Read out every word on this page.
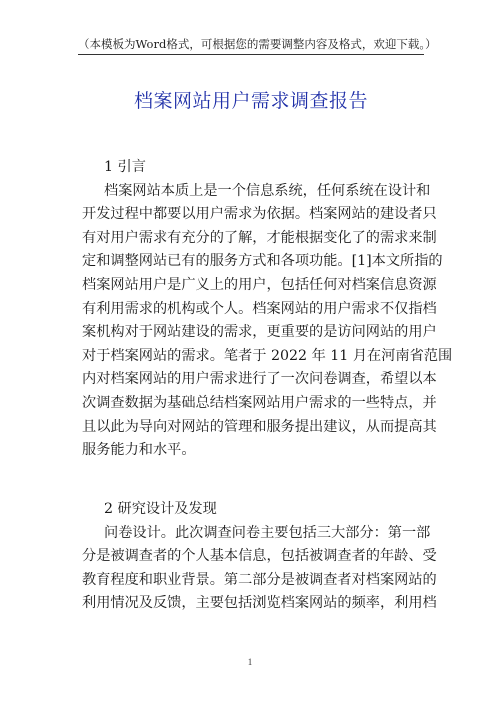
（本模板为Word格式，可根据您的需要调整内容及格式，欢迎下载。）
档案网站用户需求调查报告
1 引言
档案网站本质上是一个信息系统，任何系统在设计和
开发过程中都要以用户需求为依据。档案网站的建设者只
有对用户需求有充分的了解，才能根据变化了的需求来制
定和调整网站已有的服务方式和各项功能。[1]本文所指的
档案网站用户是广义上的用户，包括任何对档案信息资源
有利用需求的机构或个人。档案网站的用户需求不仅指档
案机构对于网站建设的需求，更重要的是访问网站的用户
对于档案网站的需求。笔者于 2022 年 11 月在河南省范围
内对档案网站的用户需求进行了一次问卷调查，希望以本
次调查数据为基础总结档案网站用户需求的一些特点，并
且以此为导向对网站的管理和服务提出建议，从而提高其
服务能力和水平。
2 研究设计及发现
问卷设计。此次调查问卷主要包括三大部分：第一部
分是被调查者的个人基本信息，包括被调查者的年龄、受
教育程度和职业背景。第二部分是被调查者对档案网站的
利用情况及反馈，主要包括浏览档案网站的频率，利用档
1
